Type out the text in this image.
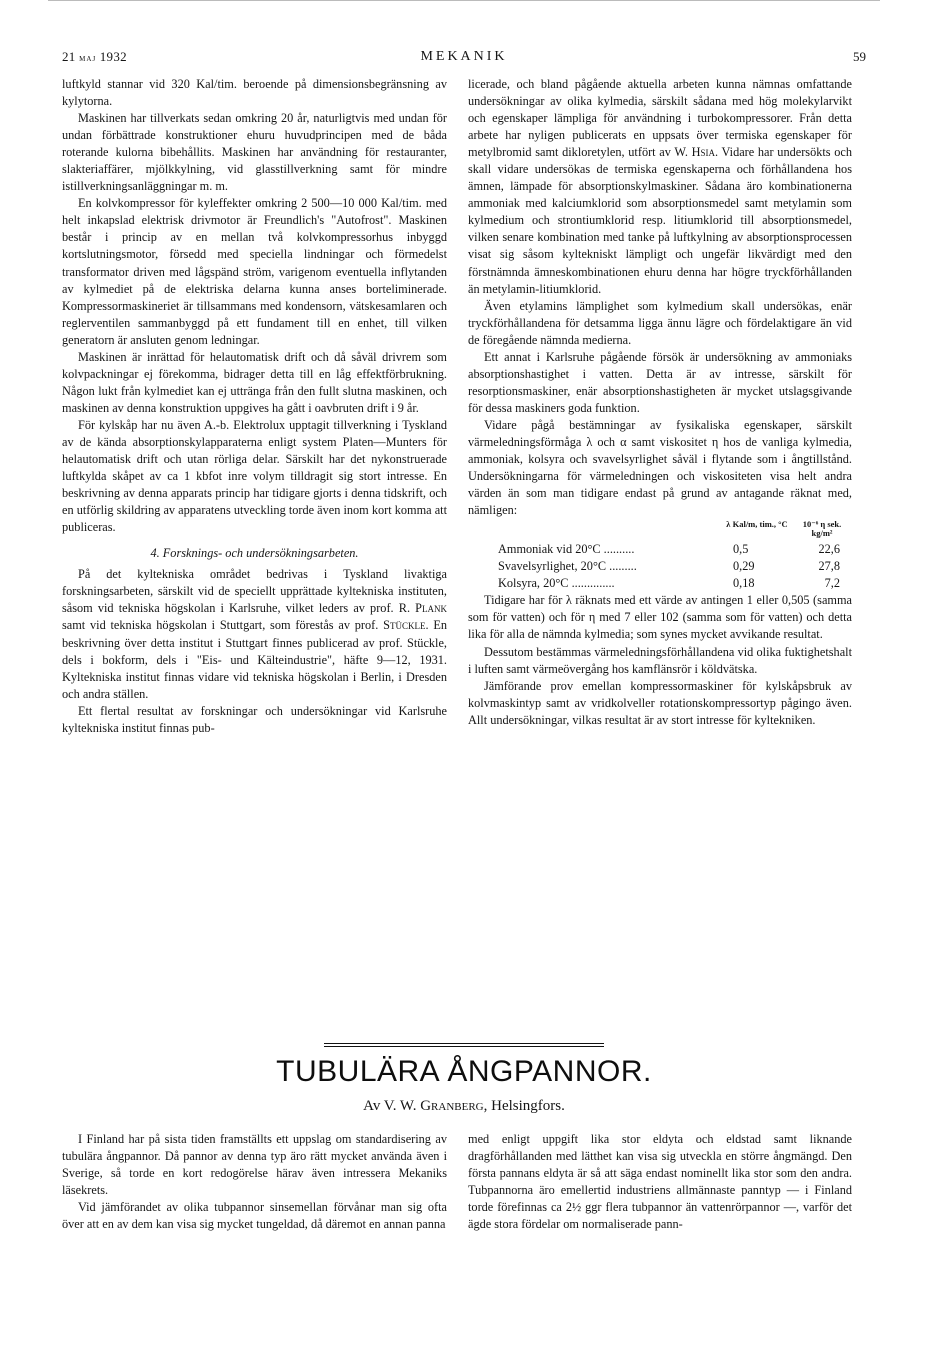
21 maj 1932	MEKANIK	59

luftkyld stannar vid 320 Kal/tim. beroende på dimensionsbegränsning av kylytorna.

Maskinen har tillverkats sedan omkring 20 år, naturligtvis med undan för undan förbättrade konstruktioner ehuru huvudprincipen med de båda roterande kulorna bibehållits. Maskinen har användning för restauranter, slakteriaffärer, mjölkkylning, vid glasstillverkning samt för mindre istillverkningsanläggningar m. m.

En kolvkompressor för kyleffekter omkring 2 500—10 000 Kal/tim. med helt inkapslad elektrisk drivmotor är Freundlich's "Autofrost". Maskinen består i princip av en mellan två kolvkompressorhus inbyggd kortslutningsmotor, försedd med speciella lindningar och förmedelst transformator driven med lågspänd ström, varigenom eventuella inflytanden av kylmediet på de elektriska delarna kunna anses borteliminerade. Kompressormaskineriet är tillsammans med kondensorn, vätskesamlaren och reglerventilen sammanbyggd på ett fundament till en enhet, till vilken generatorn är ansluten genom ledningar.

Maskinen är inrättad för helautomatisk drift och då såväl drivrem som kolvpackningar ej förekomma, bidrager detta till en låg effektförbrukning. Någon lukt från kylmediet kan ej uttränga från den fullt slutna maskinen, och maskinen av denna konstruktion uppgives ha gått i oavbruten drift i 9 år.

För kylskåp har nu även A.-b. Elektrolux upptagit tillverkning i Tyskland av de kända absorptionskylapparaterna enligt system Platen—Munters för helautomatisk drift och utan rörliga delar. Särskilt har det nykonstruerade luftkylda skåpet av ca 1 kbfot inre volym tilldragit sig stort intresse. En beskrivning av denna apparats princip har tidigare gjorts i denna tidskrift, och en utförlig skildring av apparatens utveckling torde även inom kort komma att publiceras.

4. Forsknings- och undersökningsarbeten.

På det kyltekniska området bedrivas i Tyskland livaktiga forskningsarbeten, särskilt vid de speciellt upprättade kyltekniska instituten, såsom vid tekniska högskolan i Karlsruhe, vilket leders av prof. R. Plank samt vid tekniska högskolan i Stuttgart, som förestås av prof. Stückle. En beskrivning över detta institut i Stuttgart finnes publicerad av prof. Stückle, dels i bokform, dels i "Eis- und Kälteindustrie", häfte 9—12, 1931. Kyltekniska institut finnas vidare vid tekniska högskolan i Berlin, i Dresden och andra ställen.

Ett flertal resultat av forskningar och undersökningar vid Karlsruhe kyltekniska institut finnas pub-

licerade, och bland pågående aktuella arbeten kunna nämnas omfattande undersökningar av olika kylmedia, särskilt sådana med hög molekylarvikt och egenskaper lämpliga för användning i turbokompressorer. Från detta arbete har nyligen publicerats en uppsats över termiska egenskaper för metylbromid samt dikloretylen, utfört av W. Hsia. Vidare har undersökts och skall vidare undersökas de termiska egenskaperna och förhållandena hos ämnen, lämpade för absorptionskylmaskiner. Sådana äro kombinationerna ammoniak med kalciumklorid som absorptionsmedel samt metylamin som kylmedium och strontiumklorid resp. litiumklorid till absorptionsmedel, vilken senare kombination med tanke på luftkylning av absorptionsprocessen visat sig såsom kyltekniskt lämpligt och ungefär likvärdigt med den förstnämnda ämneskombinationen ehuru denna har högre tryckförhållanden än metylamin-litiumklorid.

Även etylamins lämplighet som kylmedium skall undersökas, enär tryckförhållandena för detsamma ligga ännu lägre och fördelaktigare än vid de föregående nämnda medierna.

Ett annat i Karlsruhe pågående försök är undersökning av ammoniaks absorptionshastighet i vatten. Detta är av intresse, särskilt för resorptionsmaskiner, enär absorptionshastigheten är mycket utslagsgivande för dessa maskiners goda funktion.

Vidare pågå bestämningar av fysikaliska egenskaper, särskilt värmeledningsförmåga λ och α samt viskositet η hos de vanliga kylmedia, ammoniak, kolsyra och svavelsyrlighet såväl i flytande som i ångtillstånd. Undersökningarna för värmeledningen och viskositeten visa helt andra värden än som man tidigare endast på grund av antagande räknat med, nämligen:

λ Kal/m, tim., °C	10⁻⁶ η sek. kg/m²
Ammoniak vid 20°C ..........	0,5	22,6
Svavelsyrlighet, 20°C .........	0,29	27,8
Kolsyra, 20°C ..............	0,18	7,2

Tidigare har för λ räknats med ett värde av antingen 1 eller 0,505 (samma som för vatten) och för η med 7 eller 102 (samma som för vatten) och detta lika för alla de nämnda kylmedia; som synes mycket avvikande resultat.

Dessutom bestämmas värmeledningsförhållandena vid olika fuktighetshalt i luften samt värmeövergång hos kamflänsrör i köldvätska.

Jämförande prov emellan kompressormaskiner för kylskåpsbruk av kolvmaskintyp samt av vridkolveller rotationskompressortyp pågingo även. Allt undersökningar, vilkas resultat är av stort intresse för kyltekniken.

TUBULÄRA ÅNGPANNOR.
Av V. W. Granberg, Helsingfors.

I Finland har på sista tiden framställts ett uppslag om standardisering av tubulära ångpannor. Då pannor av denna typ äro rätt mycket använda även i Sverige, så torde en kort redogörelse härav även intressera Mekaniks läsekrets.

Vid jämförandet av olika tubpannor sinsemellan förvånar man sig ofta över att en av dem kan visa sig mycket tungeldad, då däremot en annan panna

med enligt uppgift lika stor eldyta och eldstad samt liknande dragförhållanden med lätthet kan visa sig utveckla en större ångmängd. Den första pannans eldyta är så att säga endast nominellt lika stor som den andra. Tubpannorna äro emellertid industriens allmännaste panntyp — i Finland torde förefinnas ca 2½ ggr flera tubpannor än vattenrörpannor —, varför det ägde stora fördelar om normaliserade pann-
